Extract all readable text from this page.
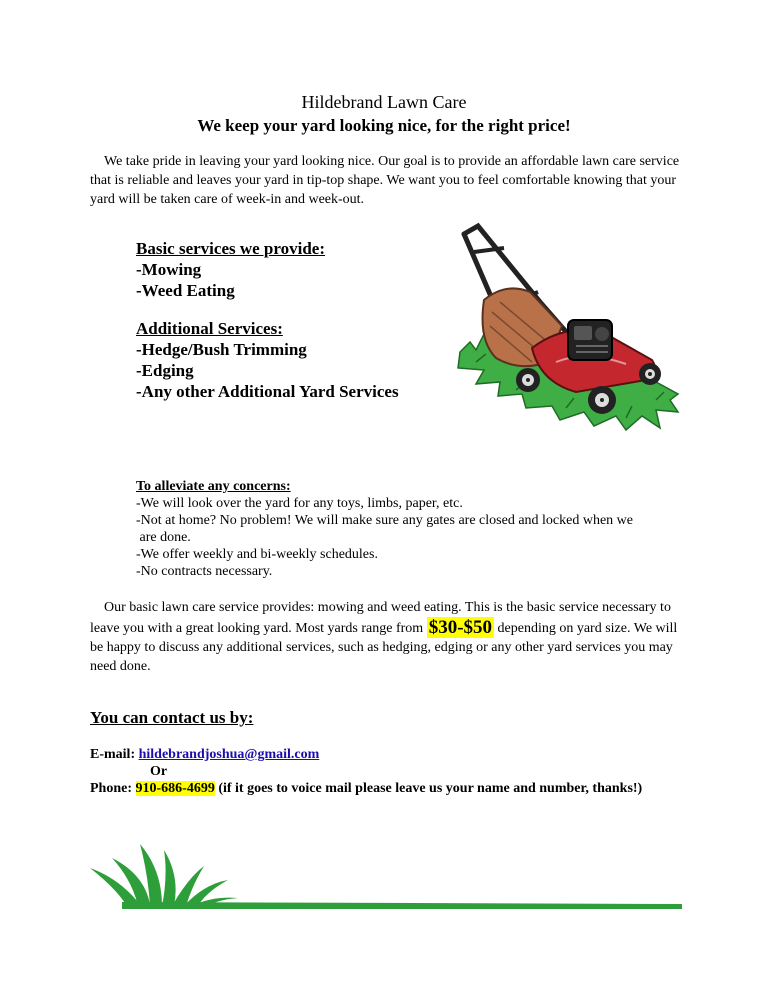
Hildebrand Lawn Care
We keep your yard looking nice, for the right price!

We take pride in leaving your yard looking nice. Our goal is to provide an affordable lawn care service that is reliable and leaves your yard in tip-top shape. We want you to feel comfortable knowing that your yard will be taken care of week-in and week-out.

Basic services we provide:
-Mowing
-Weed Eating
Additional Services:
-Hedge/Bush Trimming
-Edging
-Any other Additional Yard Services
To alleviate any concerns:
-We will look over the yard for any toys, limbs, paper, etc.
-Not at home? No problem! We will make sure any gates are closed and locked when we
are done.
-We offer weekly and bi-weekly schedules.
-No contracts necessary.

Our basic lawn care service provides: mowing and weed eating. This is the basic service necessary to leave you with a great looking yard. Most yards range from $30-$50 depending on yard size. We will be happy to discuss any additional services, such as hedging, edging or any other yard services you may need done.

You can contact us by:
E-mail: hildebrandjoshua@gmail.com
Or
Phone: 910-686-4699 (if it goes to voice mail please leave us your name and number, thanks!)
